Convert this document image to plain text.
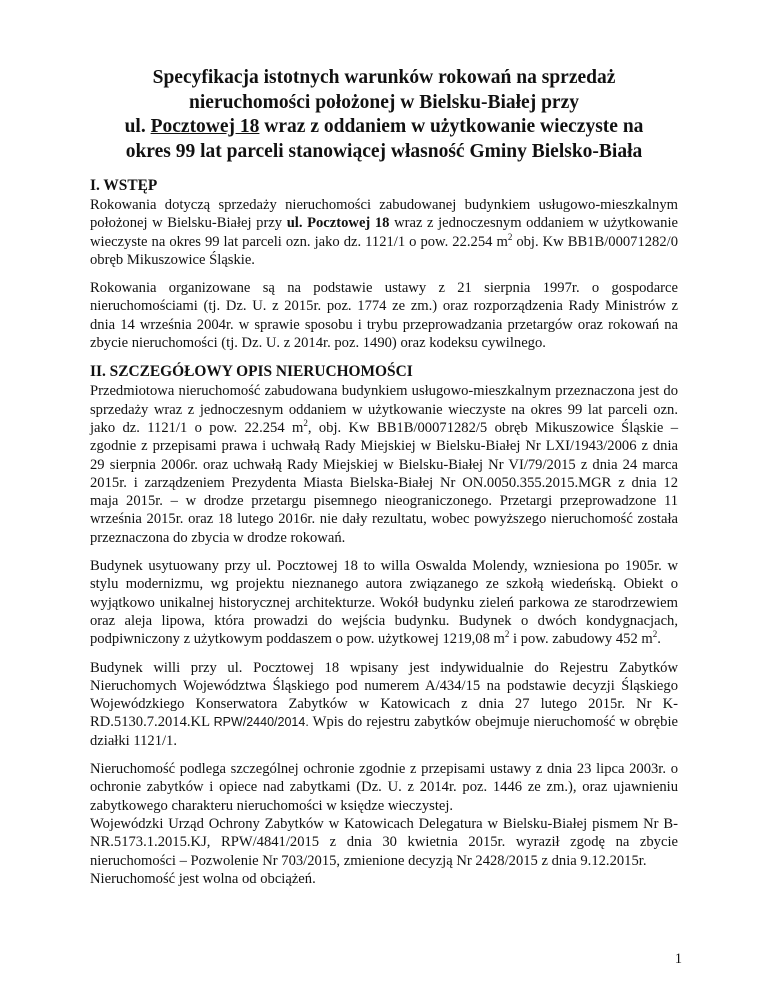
Specyfikacja istotnych warunków rokowań na sprzedaż
nieruchomości położonej w Bielsku-Białej przy
ul. Pocztowej 18 wraz z oddaniem w użytkowanie wieczyste na
okres 99 lat parceli stanowiącej własność Gminy Bielsko-Biała
I. WSTĘP

Rokowania dotyczą sprzedaży nieruchomości zabudowanej budynkiem usługowo-mieszkalnym położonej w Bielsku-Białej przy ul. Pocztowej 18 wraz z jednoczesnym oddaniem w użytkowanie wieczyste na okres 99 lat parceli ozn. jako dz. 1121/1 o pow. 22.254 $m^2$ obj. Kw BB1B/00071282/0 obręb Mikuszowice Śląskie.

Rokowania organizowane są na podstawie ustawy z 21 sierpnia 1997r. o gospodarce nieruchomościami (tj. Dz. U. z 2015r. poz. 1774 ze zm.) oraz rozporządzenia Rady Ministrów z dnia 14 września 2004r. w sprawie sposobu i trybu przeprowadzania przetargów oraz rokowań na zbycie nieruchomości (tj. Dz. U. z 2014r. poz. 1490) oraz kodeksu cywilnego.

II. SZCZEGÓŁOWY OPIS NIERUCHOMOŚCI

Przedmiotowa nieruchomość zabudowana budynkiem usługowo-mieszkalnym przeznaczona jest do sprzedaży wraz z jednoczesnym oddaniem w użytkowanie wieczyste na okres 99 lat parceli ozn. jako dz. 1121/1 o pow. 22.254 $m^2$, obj. Kw BB1B/00071282/5 obręb Mikuszowice Śląskie – zgodnie z przepisami prawa i uchwałą Rady Miejskiej w Bielsku-Białej Nr LXI/1943/2006 z dnia 29 sierpnia 2006r. oraz uchwałą Rady Miejskiej w Bielsku-Białej Nr VI/79/2015 z dnia 24 marca 2015r. i zarządzeniem Prezydenta Miasta Bielska-Białej Nr ON.0050.355.2015.MGR z dnia 12 maja 2015r. – w drodze przetargu pisemnego nieograniczonego. Przetargi przeprowadzone 11 września 2015r. oraz 18 lutego 2016r. nie dały rezultatu, wobec powyższego nieruchomość została przeznaczona do zbycia w drodze rokowań.

Budynek usytuowany przy ul. Pocztowej 18 to willa Oswalda Molendy, wzniesiona po 1905r. w stylu modernizmu, wg projektu nieznanego autora związanego ze szkołą wiedeńską. Obiekt o wyjątkowo unikalnej historycznej architekturze. Wokół budynku zieleń parkowa ze starodrzewiem oraz aleja lipowa, która prowadzi do wejścia budynku. Budynek o dwóch kondygnacjach, podpiwniczony z użytkowym poddaszem o pow. użytkowej 1219,08 $m^2$ i pow. zabudowy 452 $m^2$.

Budynek willi przy ul. Pocztowej 18 wpisany jest indywidualnie do Rejestru Zabytków Nieruchomych Województwa Śląskiego pod numerem A/434/15 na podstawie decyzji Śląskiego Wojewódzkiego Konserwatora Zabytków w Katowicach z dnia 27 lutego 2015r. Nr K-RD.5130.7.2014.KL RPW/2440/2014. Wpis do rejestru zabytków obejmuje nieruchomość w obrębie działki 1121/1.

Nieruchomość podlega szczególnej ochronie zgodnie z przepisami ustawy z dnia 23 lipca 2003r. o ochronie zabytków i opiece nad zabytkami (Dz. U. z 2014r. poz. 1446 ze zm.), oraz ujawnieniu zabytkowego charakteru nieruchomości w księdze wieczystej.

Wojewódzki Urząd Ochrony Zabytków w Katowicach Delegatura w Bielsku-Białej pismem Nr B-NR.5173.1.2015.KJ, RPW/4841/2015 z dnia 30 kwietnia 2015r. wyraził zgodę na zbycie nieruchomości – Pozwolenie Nr 703/2015, zmienione decyzją Nr 2428/2015 z dnia 9.12.2015r.

Nieruchomość jest wolna od obciążeń.

1
